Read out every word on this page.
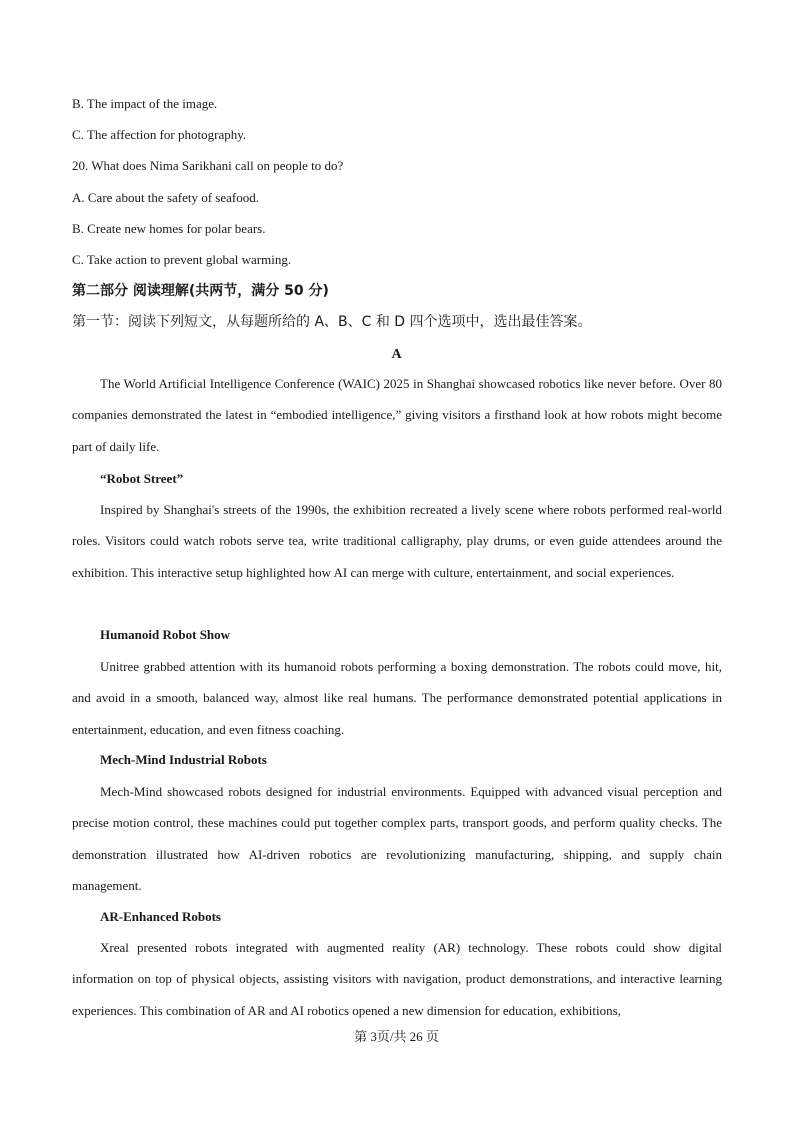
B. The impact of the image.
C. The affection for photography.
20. What does Nima Sarikhani call on people to do?
A. Care about the safety of seafood.
B. Create new homes for polar bears.
C. Take action to prevent global warming.
第二部分 阅读理解(共两节，满分 50 分)
第一节：阅读下列短文，从每题所给的 A、B、C 和 D 四个选项中，选出最佳答案。
A

The World Artificial Intelligence Conference (WAIC) 2025 in Shanghai showcased robotics like never before. Over 80 companies demonstrated the latest in “embodied intelligence,” giving visitors a firsthand look at how robots might become part of daily life.

“Robot Street”

Inspired by Shanghai's streets of the 1990s, the exhibition recreated a lively scene where robots performed real-world roles. Visitors could watch robots serve tea, write traditional calligraphy, play drums, or even guide attendees around the exhibition. This interactive setup highlighted how AI can merge with culture, entertainment, and social experiences.

Humanoid Robot Show

Unitree grabbed attention with its humanoid robots performing a boxing demonstration. The robots could move, hit, and avoid in a smooth, balanced way, almost like real humans. The performance demonstrated potential applications in entertainment, education, and even fitness coaching.

Mech-Mind Industrial Robots

Mech-Mind showcased robots designed for industrial environments. Equipped with advanced visual perception and precise motion control, these machines could put together complex parts, transport goods, and perform quality checks. The demonstration illustrated how AI-driven robotics are revolutionizing manufacturing, shipping, and supply chain management.

AR-Enhanced Robots

Xreal presented robots integrated with augmented reality (AR) technology. These robots could show digital information on top of physical objects, assisting visitors with navigation, product demonstrations, and interactive learning experiences. This combination of AR and AI robotics opened a new dimension for education, exhibitions,

第 3页/共 26 页
